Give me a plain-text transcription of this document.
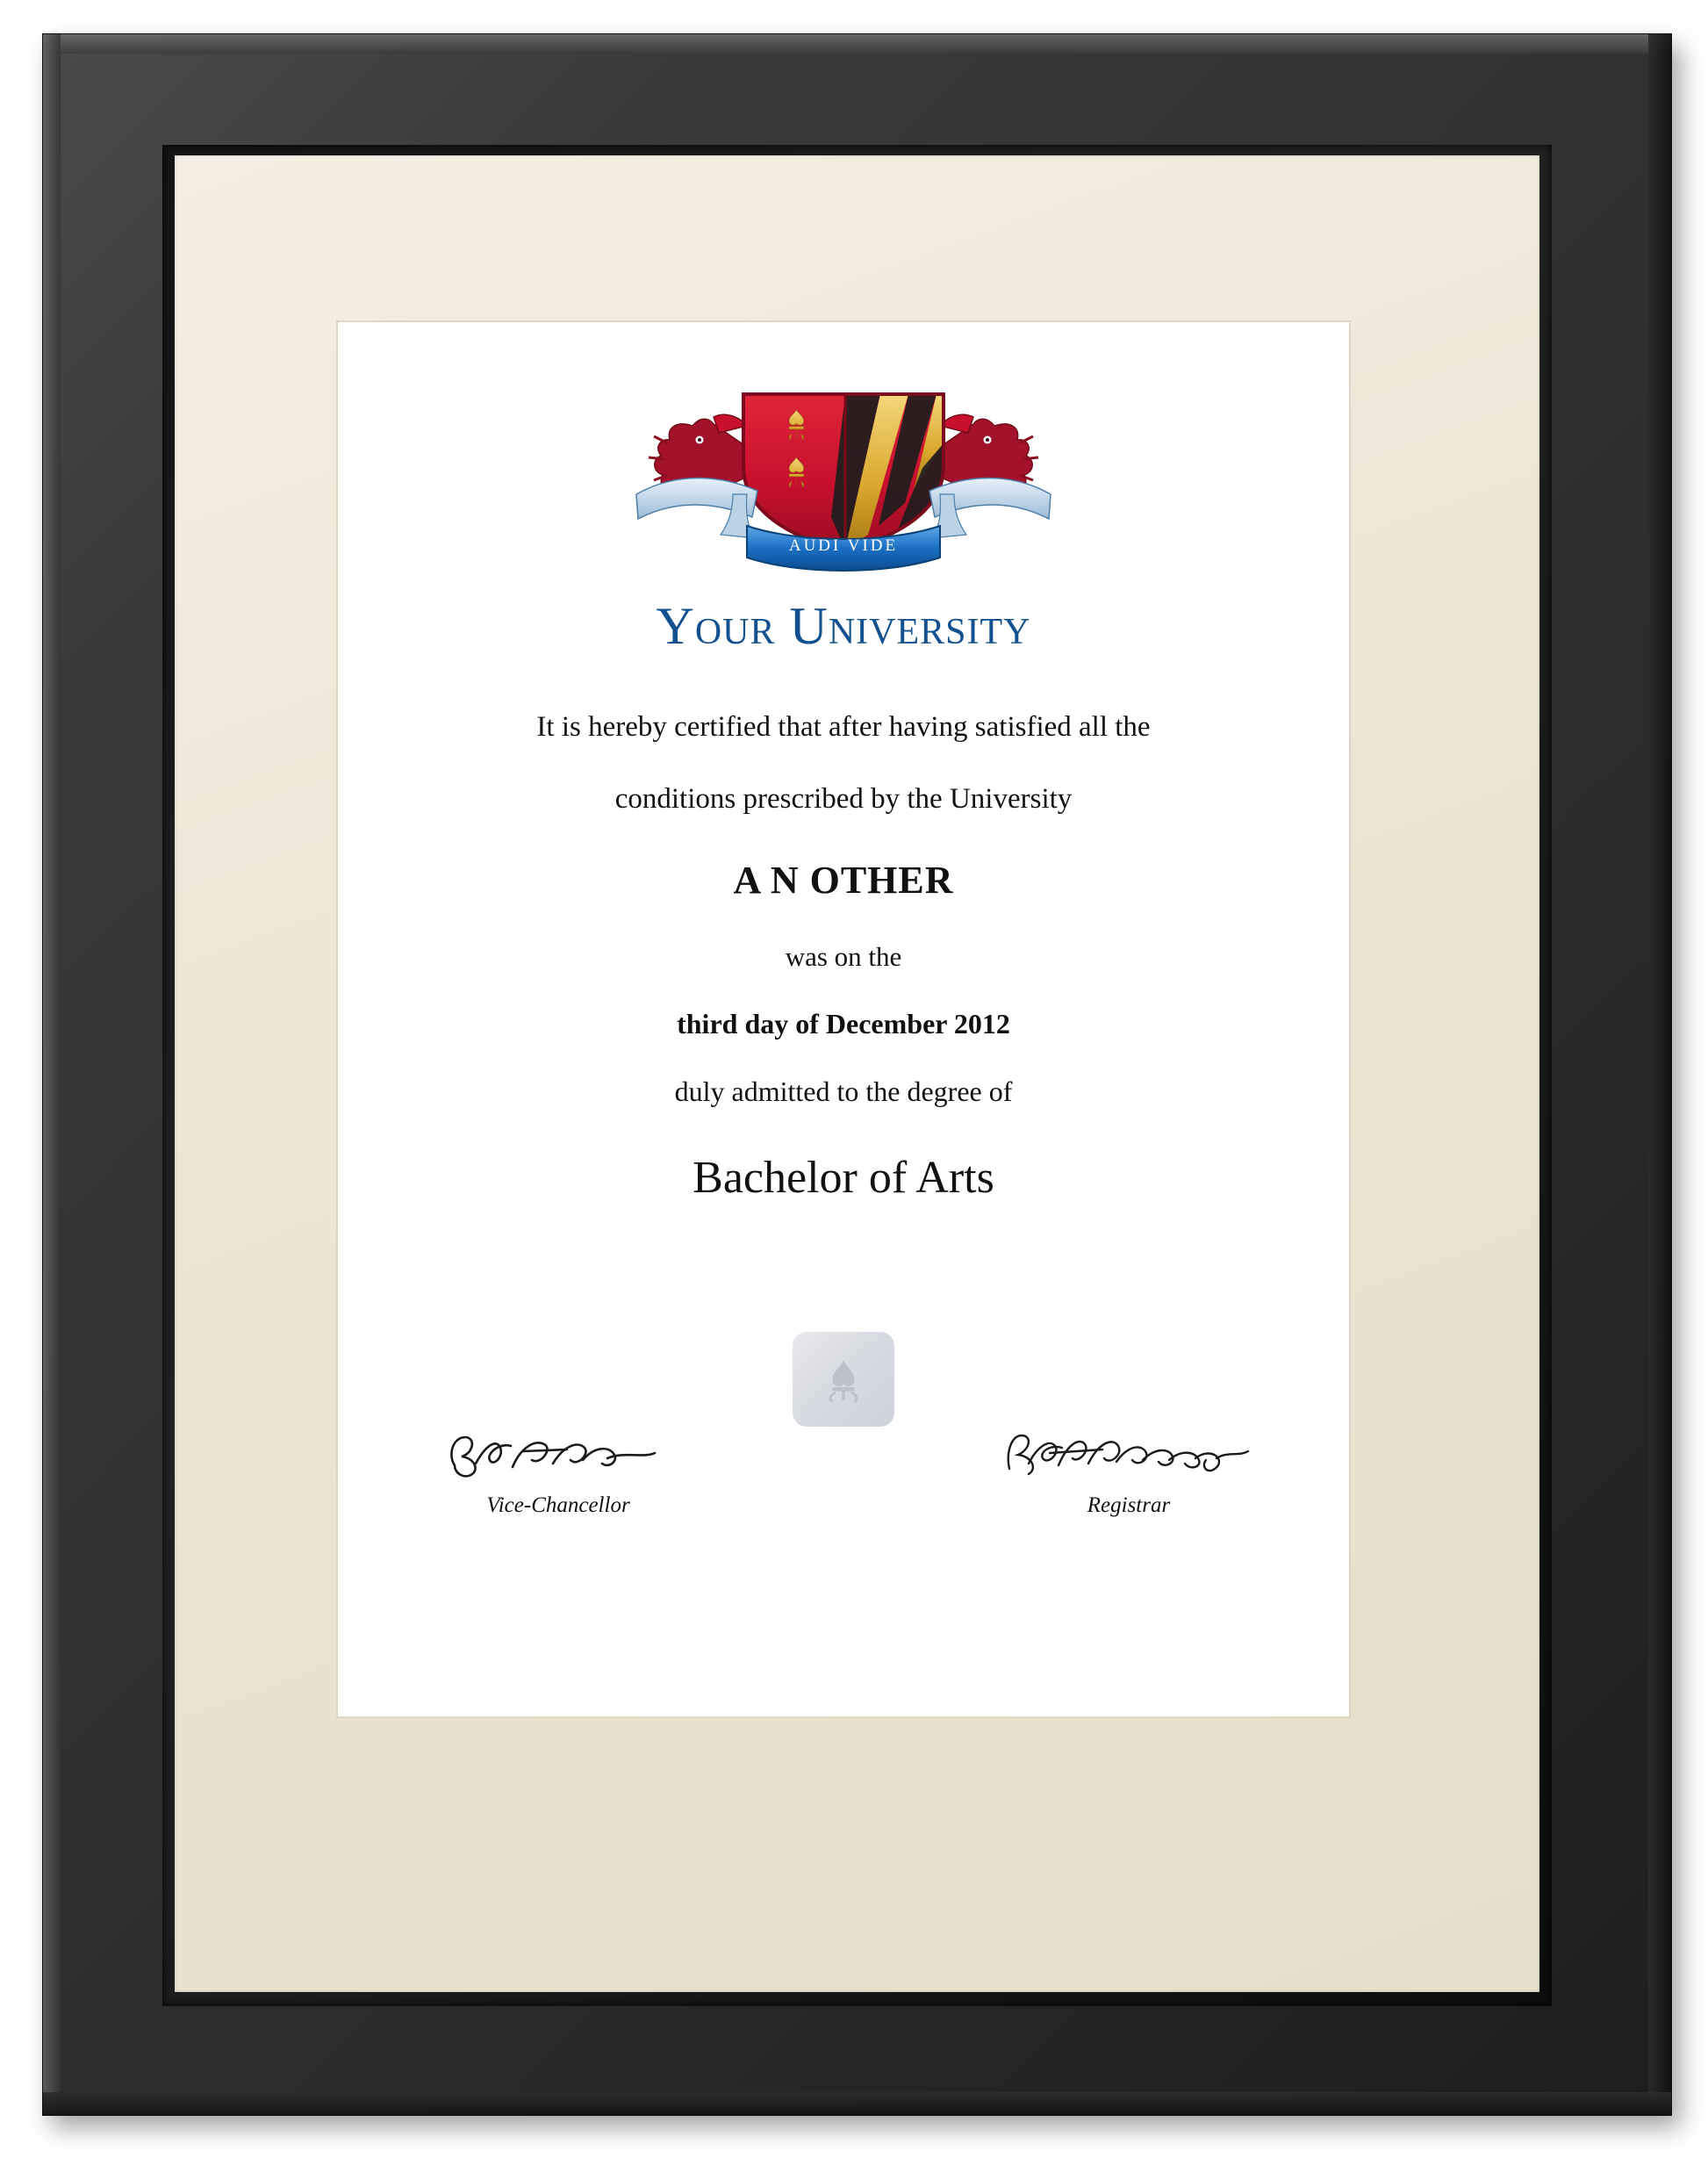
AUDI VIDE
Your University
It is hereby certified that after having satisfied all the
conditions prescribed by the University
A N OTHER
was on the
third day of December 2012
duly admitted to the degree of
Bachelor of Arts
Vice-Chancellor	Registrar
